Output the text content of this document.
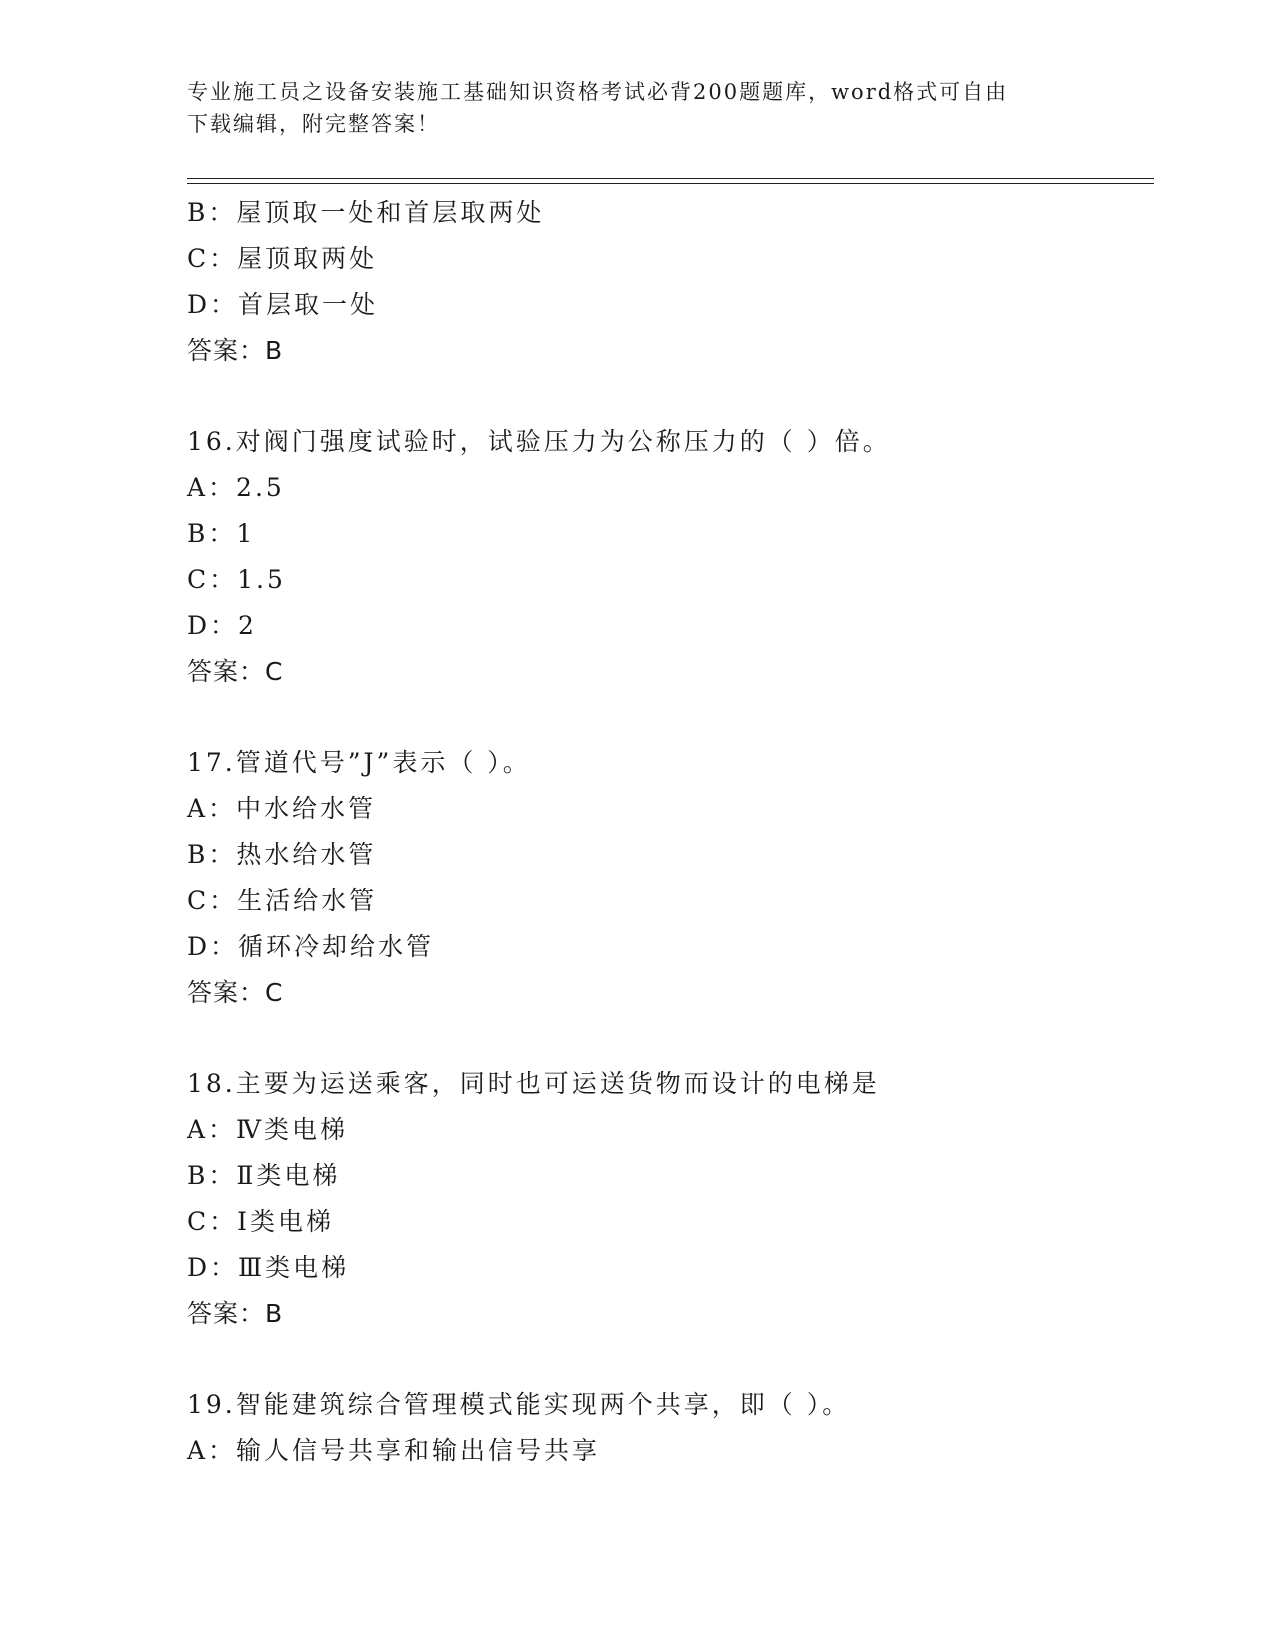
专业施工员之设备安装施工基础知识资格考试必背200题题库，word格式可自由
下载编辑，附完整答案！
B：屋顶取一处和首层取两处
C：屋顶取两处
D：首层取一处
答案：B
16.对阀门强度试验时，试验压力为公称压力的（ ）倍。
A：2.5
B：1
C：1.5
D：2
答案：C
17.管道代号”J”表示（ ）。
A：中水给水管
B：热水给水管
C：生活给水管
D：循环冷却给水管
答案：C
18.主要为运送乘客，同时也可运送货物而设计的电梯是
A：Ⅳ类电梯
B：Ⅱ类电梯
C：Ⅰ类电梯
D：Ⅲ类电梯
答案：B
19.智能建筑综合管理模式能实现两个共享，即（ ）。
A：输人信号共享和输出信号共享
